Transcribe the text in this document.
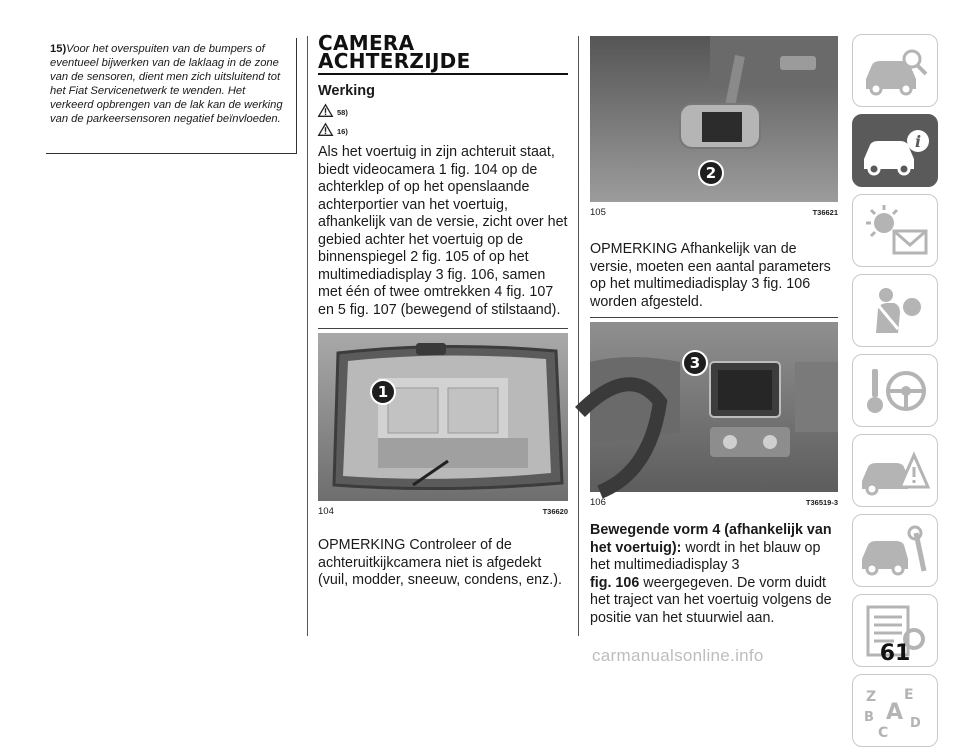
15)Voor het overspuiten van de bumpers of eventueel bijwerken van de laklaag in de zone van de sensoren, dient men zich uitsluitend tot het Fiat Servicenetwerk te wenden. Het verkeerd opbrengen van de lak kan de werking van de parkeersensoren negatief beïnvloeden.
CAMERA
ACHTERZIJDE
Werking
58)
16)
Als het voertuig in zijn achteruit staat, biedt videocamera 1 fig. 104 op de achterklep of op het openslaande achterportier van het voertuig, afhankelijk van de versie, zicht over het gebied achter het voertuig op de binnenspiegel 2 fig. 105 of op het multimediadisplay 3 fig. 106, samen met één of twee omtrekken 4 fig. 107 en 5 fig. 107 (bewegend of stilstaand).
1
104	T36620
OPMERKING Controleer of de achteruitkijkcamera niet is afgedekt (vuil, modder, sneeuw, condens, enz.).
2
105	T36621
OPMERKING Afhankelijk van de versie, moeten een aantal parameters op het multimediadisplay 3 fig. 106 worden afgesteld.
3
106	T36519-3
Bewegende vorm 4 (afhankelijk van het voertuig): wordt in het blauw op het multimediadisplay 3
fig. 106 weergegeven. De vorm duidt het traject van het voertuig volgens de positie van het stuurwiel aan.
i
Z E
B A
C
D
61
carmanualsonline.info
